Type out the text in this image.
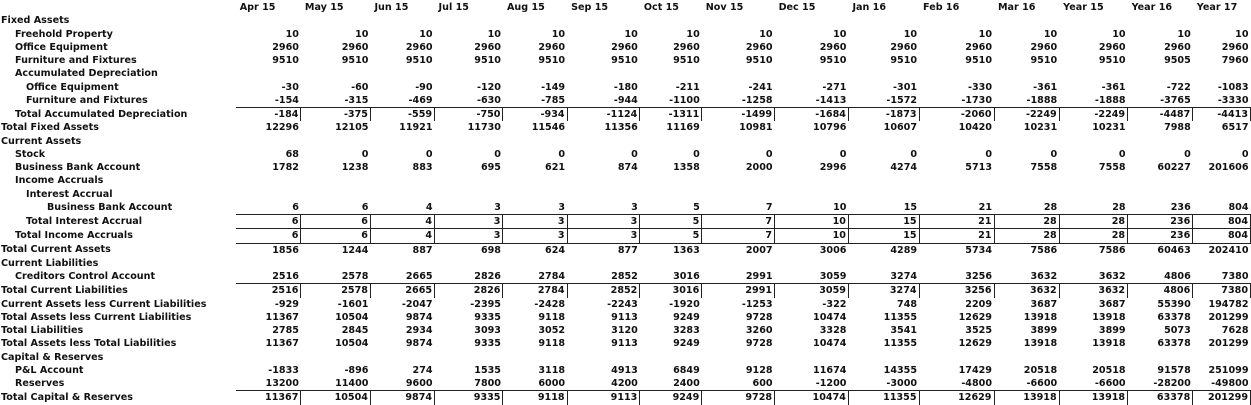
	Apr 15	May 15	Jun 15	Jul 15	Aug 15	Sep 15	Oct 15	Nov 15	Dec 15	Jan 16	Feb 16	Mar 16	Year 15	Year 16	Year 17
Fixed Assets															
Freehold Property	10	10	10	10	10	10	10	10	10	10	10	10	10	10	10
Office Equipment	2960	2960	2960	2960	2960	2960	2960	2960	2960	2960	2960	2960	2960	2960	2960
Furniture and Fixtures	9510	9510	9510	9510	9510	9510	9510	9510	9510	9510	9510	9510	9510	9505	7960
Accumulated Depreciation															
Office Equipment	-30	-60	-90	-120	-149	-180	-211	-241	-271	-301	-330	-361	-361	-722	-1083
Furniture and Fixtures	-154	-315	-469	-630	-785	-944	-1100	-1258	-1413	-1572	-1730	-1888	-1888	-3765	-3330
Total Accumulated Depreciation	-184	-375	-559	-750	-934	-1124	-1311	-1499	-1684	-1873	-2060	-2249	-2249	-4487	-4413
Total Fixed Assets	12296	12105	11921	11730	11546	11356	11169	10981	10796	10607	10420	10231	10231	7988	6517
Current Assets															
Stock	68	0	0	0	0	0	0	0	0	0	0	0	0	0	0
Business Bank Account	1782	1238	883	695	621	874	1358	2000	2996	4274	5713	7558	7558	60227	201606
Income Accruals															
Interest Accrual															
Business Bank Account	6	6	4	3	3	3	5	7	10	15	21	28	28	236	804
Total Interest Accrual	6	6	4	3	3	3	5	7	10	15	21	28	28	236	804
Total Income Accruals	6	6	4	3	3	3	5	7	10	15	21	28	28	236	804
Total Current Assets	1856	1244	887	698	624	877	1363	2007	3006	4289	5734	7586	7586	60463	202410
Current Liabilities															
Creditors Control Account	2516	2578	2665	2826	2784	2852	3016	2991	3059	3274	3256	3632	3632	4806	7380
Total Current Liabilities	2516	2578	2665	2826	2784	2852	3016	2991	3059	3274	3256	3632	3632	4806	7380
Current Assets less Current Liabilities	-929	-1601	-2047	-2395	-2428	-2243	-1920	-1253	-322	748	2209	3687	3687	55390	194782
Total Assets less Current Liabilities	11367	10504	9874	9335	9118	9113	9249	9728	10474	11355	12629	13918	13918	63378	201299
Total Liabilities	2785	2845	2934	3093	3052	3120	3283	3260	3328	3541	3525	3899	3899	5073	7628
Total Assets less Total Liabilities	11367	10504	9874	9335	9118	9113	9249	9728	10474	11355	12629	13918	13918	63378	201299
Capital & Reserves															
P&L Account	-1833	-896	274	1535	3118	4913	6849	9128	11674	14355	17429	20518	20518	91578	251099
Reserves	13200	11400	9600	7800	6000	4200	2400	600	-1200	-3000	-4800	-6600	-6600	-28200	-49800
Total Capital & Reserves	11367	10504	9874	9335	9118	9113	9249	9728	10474	11355	12629	13918	13918	63378	201299
